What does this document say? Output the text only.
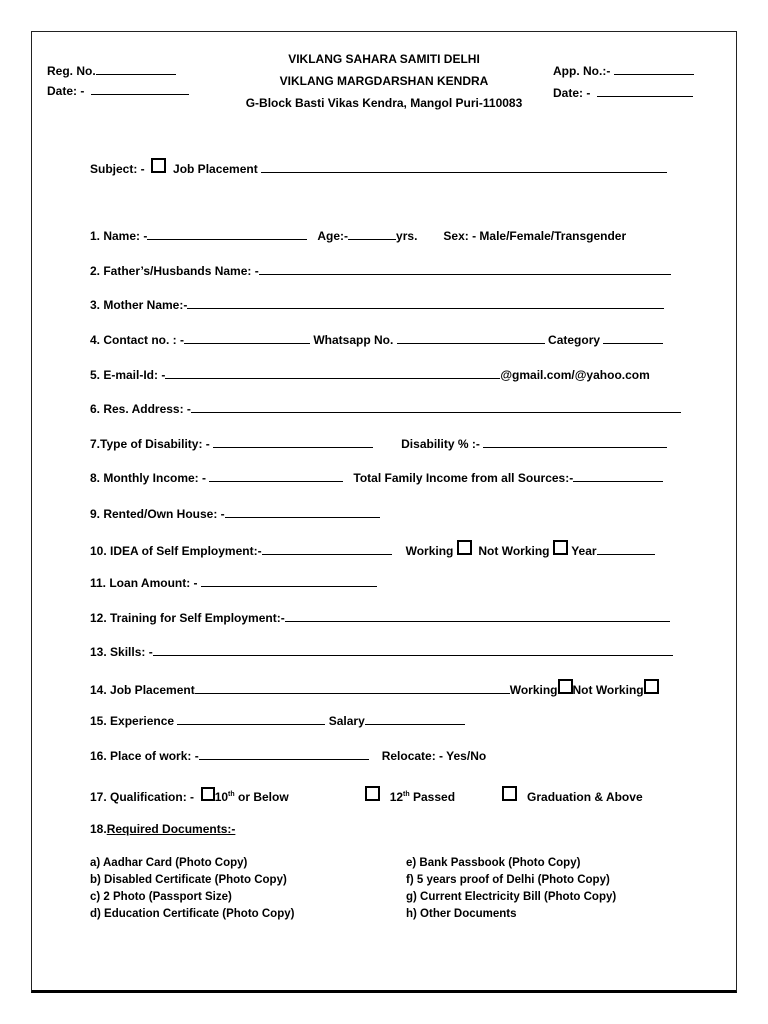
Reg. No.
Date: -
VIKLANG SAHARA SAMITI DELHI
VIKLANG MARGDARSHAN KENDRA
G-Block Basti Vikas Kendra, Mangol Puri-110083
App. No.:-
Date: -
Subject: -

Job Placement

1. Name: -
	Age:-	yrs. Sex: - Male/Female/Transgender
2. Father’s/Husbands Name: -
3. Mother Name:-
4. Contact no. : -
	Whatsapp No.

	Category

5. E-mail-Id: -	@gmail.com/@yahoo.com
6. Res. Address: -
7.Type of Disability: -
	Disability % :-

8. Monthly Income: -

	Total Family Income from all Sources:-
9. Rented/Own House: -
10. IDEA of Self Employment:-	Working

Not Working

Year
11. Loan Amount: -

12. Training for Self Employment:-
13. Skills: -
14. Job Placement	Working Not Working
15. Experience

	Salary
16. Place of work: -	Relocate: - Yes/No
17. Qualification: -
10th or Below
	12th Passed
	Graduation & Above
18. Required Documents:-
a) Aadhar Card (Photo Copy)
b) Disabled Certificate (Photo Copy)
c) 2 Photo (Passport Size)
d) Education Certificate (Photo Copy)
e) Bank Passbook (Photo Copy)
f) 5 years proof of Delhi (Photo Copy)
g) Current Electricity Bill (Photo Copy)
h) Other Documents
